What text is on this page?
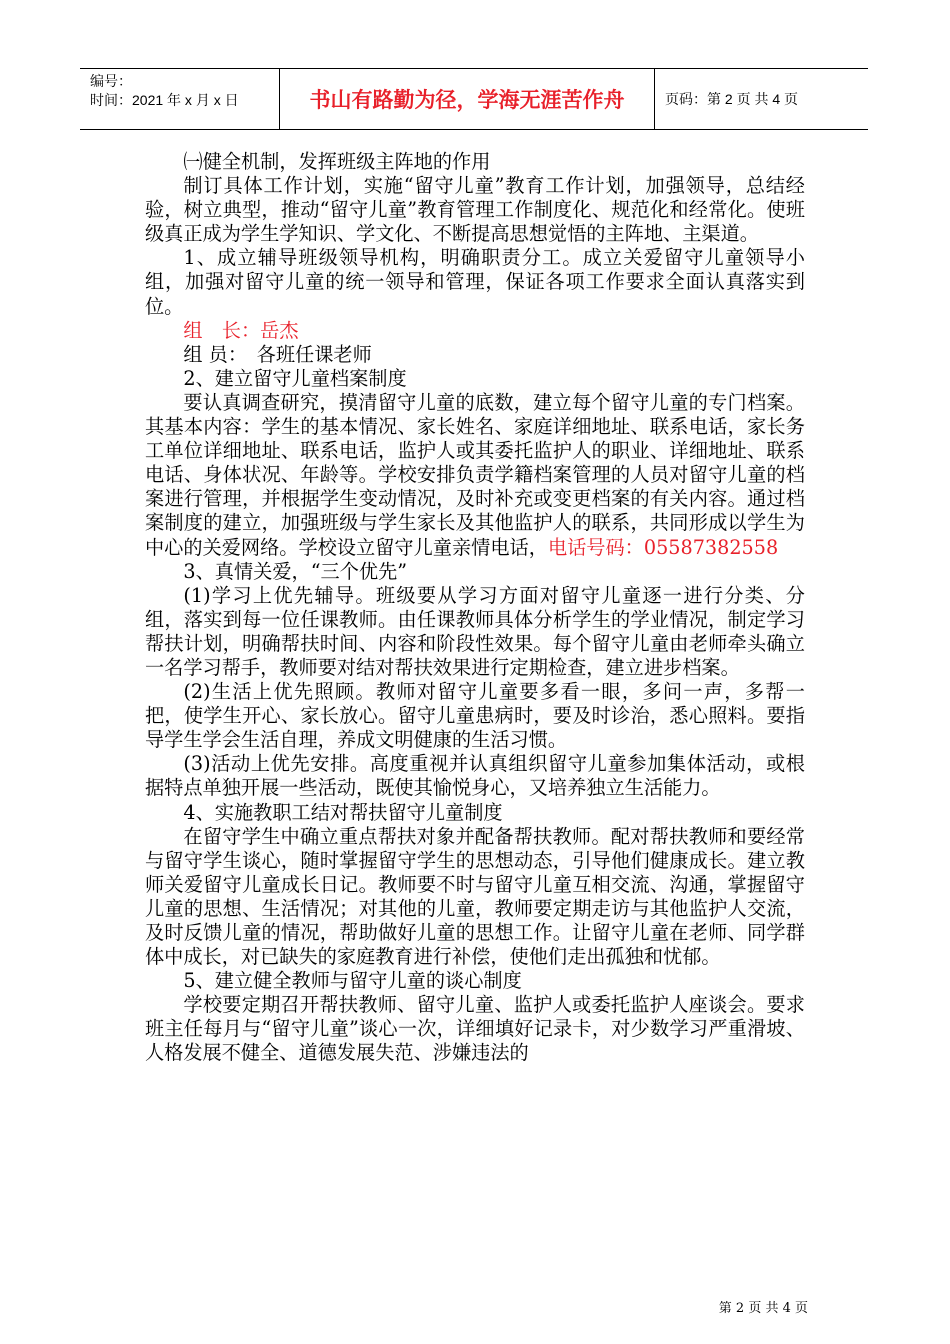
编号：
时间：2021 年 x 月 x 日	书山有路勤为径，学海无涯苦作舟	页码：第 2 页 共 4 页

㈠健全机制，发挥班级主阵地的作用

制订具体工作计划，实施“留守儿童”教育工作计划，加强领导，总结经验，树立典型，推动“留守儿童”教育管理工作制度化、规范化和经常化。使班级真正成为学生学知识、学文化、不断提高思想觉悟的主阵地、主渠道。

1、成立辅导班级领导机构，明确职责分工。成立关爱留守儿童领导小组，加强对留守儿童的统一领导和管理，保证各项工作要求全面认真落实到位。

组　长：岳杰

组 员：　各班任课老师

2、建立留守儿童档案制度

要认真调查研究，摸清留守儿童的底数，建立每个留守儿童的专门档案。其基本内容：学生的基本情况、家长姓名、家庭详细地址、联系电话，家长务工单位详细地址、联系电话，监护人或其委托监护人的职业、详细地址、联系电话、身体状况、年龄等。学校安排负责学籍档案管理的人员对留守儿童的档案进行管理，并根据学生变动情况，及时补充或变更档案的有关内容。通过档案制度的建立，加强班级与学生家长及其他监护人的联系，共同形成以学生为中心的关爱网络。学校设立留守儿童亲情电话，电话号码：05587382558

3、真情关爱，“三个优先”

(1)学习上优先辅导。班级要从学习方面对留守儿童逐一进行分类、分组，落实到每一位任课教师。由任课教师具体分析学生的学业情况，制定学习帮扶计划，明确帮扶时间、内容和阶段性效果。每个留守儿童由老师牵头确立一名学习帮手，教师要对结对帮扶效果进行定期检查，建立进步档案。

(2)生活上优先照顾。教师对留守儿童要多看一眼，多问一声，多帮一把，使学生开心、家长放心。留守儿童患病时，要及时诊治，悉心照料。要指导学生学会生活自理，养成文明健康的生活习惯。

(3)活动上优先安排。高度重视并认真组织留守儿童参加集体活动，或根据特点单独开展一些活动，既使其愉悦身心，又培养独立生活能力。

4、实施教职工结对帮扶留守儿童制度

在留守学生中确立重点帮扶对象并配备帮扶教师。配对帮扶教师和要经常与留守学生谈心，随时掌握留守学生的思想动态，引导他们健康成长。建立教师关爱留守儿童成长日记。教师要不时与留守儿童互相交流、沟通，掌握留守儿童的思想、生活情况；对其他的儿童，教师要定期走访与其他监护人交流，及时反馈儿童的情况，帮助做好儿童的思想工作。让留守儿童在老师、同学群体中成长，对已缺失的家庭教育进行补偿，使他们走出孤独和忧郁。

5、建立健全教师与留守儿童的谈心制度

学校要定期召开帮扶教师、留守儿童、监护人或委托监护人座谈会。要求班主任每月与“留守儿童”谈心一次，详细填好记录卡，对少数学习严重滑坡、人格发展不健全、道德发展失范、涉嫌违法的

第 2 页 共 4 页
